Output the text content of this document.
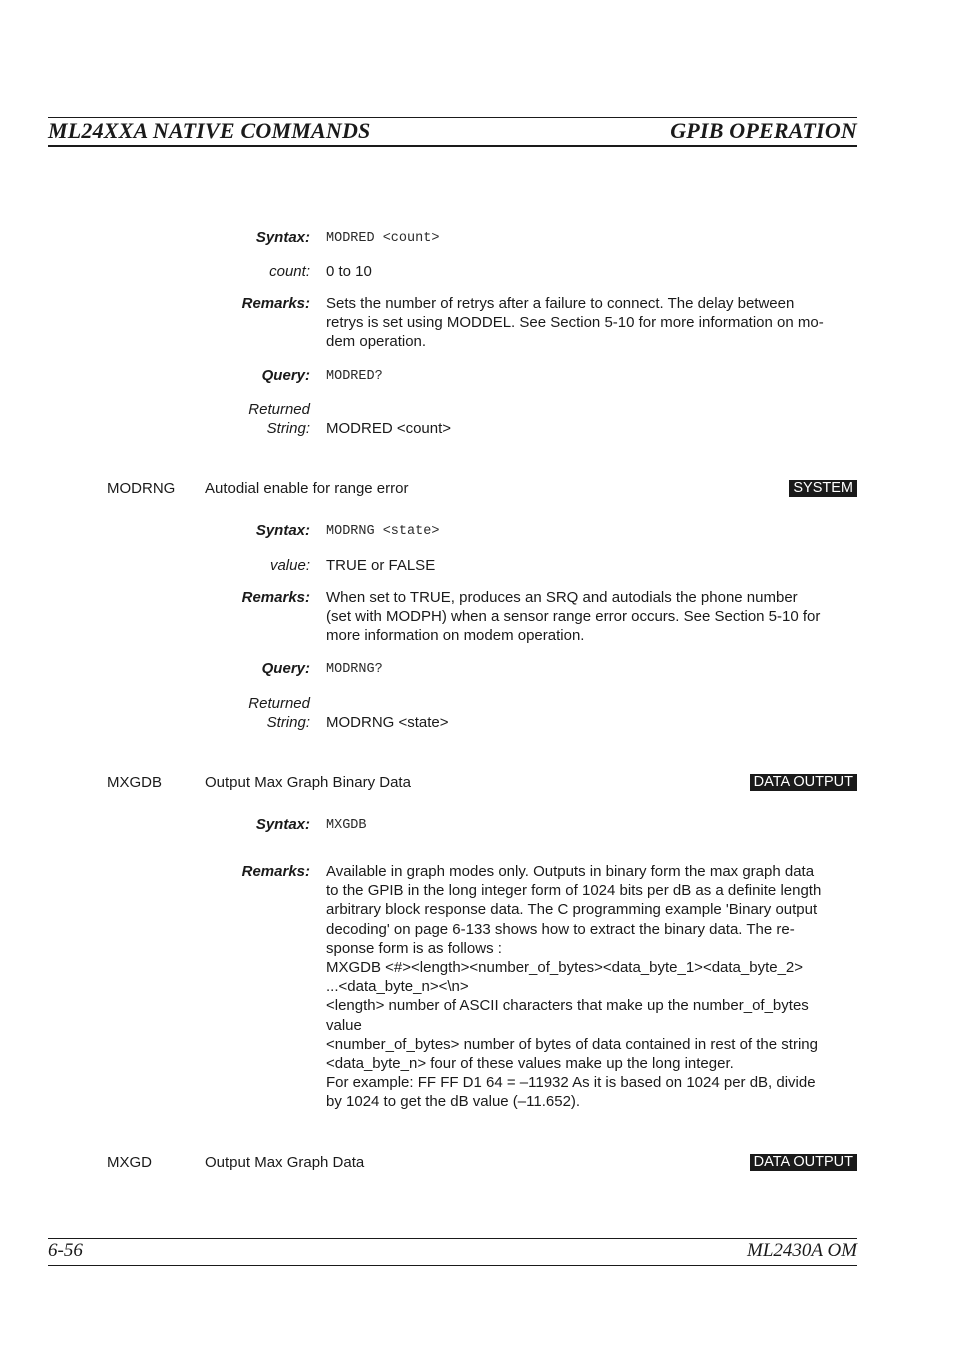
ML24XXA NATIVE COMMANDS	GPIB OPERATION
Syntax: MODRED <count>
count: 0 to 10
Remarks: Sets the number of retrys after a failure to connect. The delay between
retrys is set using MODDEL. See Section 5-10 for more information on mo-
dem operation.
Query: MODRED?
Returned
String: MODRED <count>
MODRNG Autodial enable for range error	SYSTEM
Syntax: MODRNG <state>
value: TRUE or FALSE
Remarks: When set to TRUE, produces an SRQ and autodials the phone number
(set with MODPH) when a sensor range error occurs. See Section 5-10 for
more information on modem operation.
Query: MODRNG?
Returned
String: MODRNG <state>
MXGDB	Output Max Graph Binary Data	DATA OUTPUT
Syntax: MXGDB
Remarks: Available in graph modes only. Outputs in binary form the max graph data
to the GPIB in the long integer form of 1024 bits per dB as a definite length
arbitrary block response data. The C programming example 'Binary output
decoding' on page 6-133 shows how to extract the binary data. The re-
sponse form is as follows :
MXGDB <#><length><number_of_bytes><data_byte_1><data_byte_2>
...<data_byte_n><\n>
<length> number of ASCII characters that make up the number_of_bytes
value
<number_of_bytes> number of bytes of data contained in rest of the string
<data_byte_n> four of these values make up the long integer.
For example: FF FF D1 64 = –11932 As it is based on 1024 per dB, divide
by 1024 to get the dB value (–11.652).
MXGD	Output Max Graph Data	DATA OUTPUT
6-56	ML2430A OM
